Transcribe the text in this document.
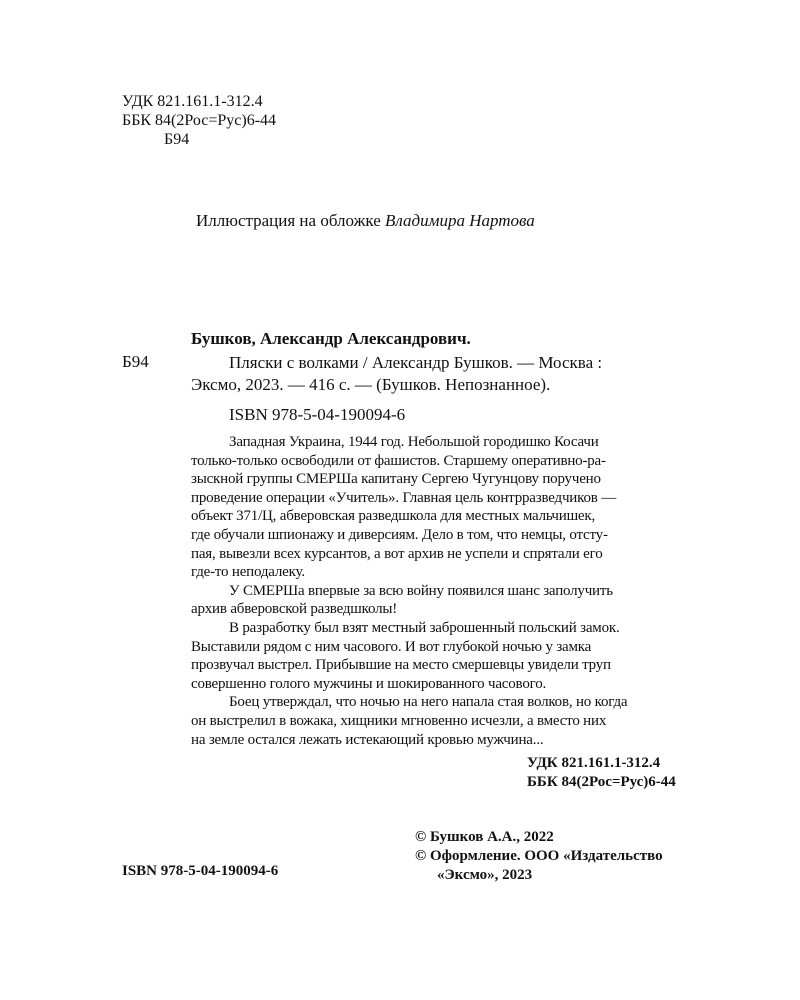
УДК 821.161.1-312.4
ББК 84(2Рос=Рус)6-44
Б94
Иллюстрация на обложке Владимира Нартова
Бушков, Александр Александрович.
Б94	Пляски с волками / Александр Бушков. — Москва :
Эксмо, 2023. — 416 с. — (Бушков. Непознанное).
ISBN 978-5-04-190094-6

Западная Украина, 1944 год. Небольшой городишко Косачи
только-только освободили от фашистов. Старшему оперативно-ра-
зыскной группы СМЕРШа капитану Сергею Чугунцову поручено
проведение операции «Учитель». Главная цель контрразведчиков —
объект 371/Ц, абверовская разведшкола для местных мальчишек,
где обучали шпионажу и диверсиям. Дело в том, что немцы, отсту-
пая, вывезли всех курсантов, а вот архив не успели и спрятали его
где-то неподалеку.

У СМЕРШа впервые за всю войну появился шанс заполучить
архив абверовской разведшколы!

В разработку был взят местный заброшенный польский замок.
Выставили рядом с ним часового. И вот глубокой ночью у замка
прозвучал выстрел. Прибывшие на место смершевцы увидели труп
совершенно голого мужчины и шокированного часового.

Боец утверждал, что ночью на него напала стая волков, но когда
он выстрелил в вожака, хищники мгновенно исчезли, а вместо них
на земле остался лежать истекающий кровью мужчина...

УДК 821.161.1-312.4
ББК 84(2Рос=Рус)6-44
ISBN 978-5-04-190094-6
© Бушков А.А., 2022
© Оформление. ООО «Издательство
«Эксмо», 2023
